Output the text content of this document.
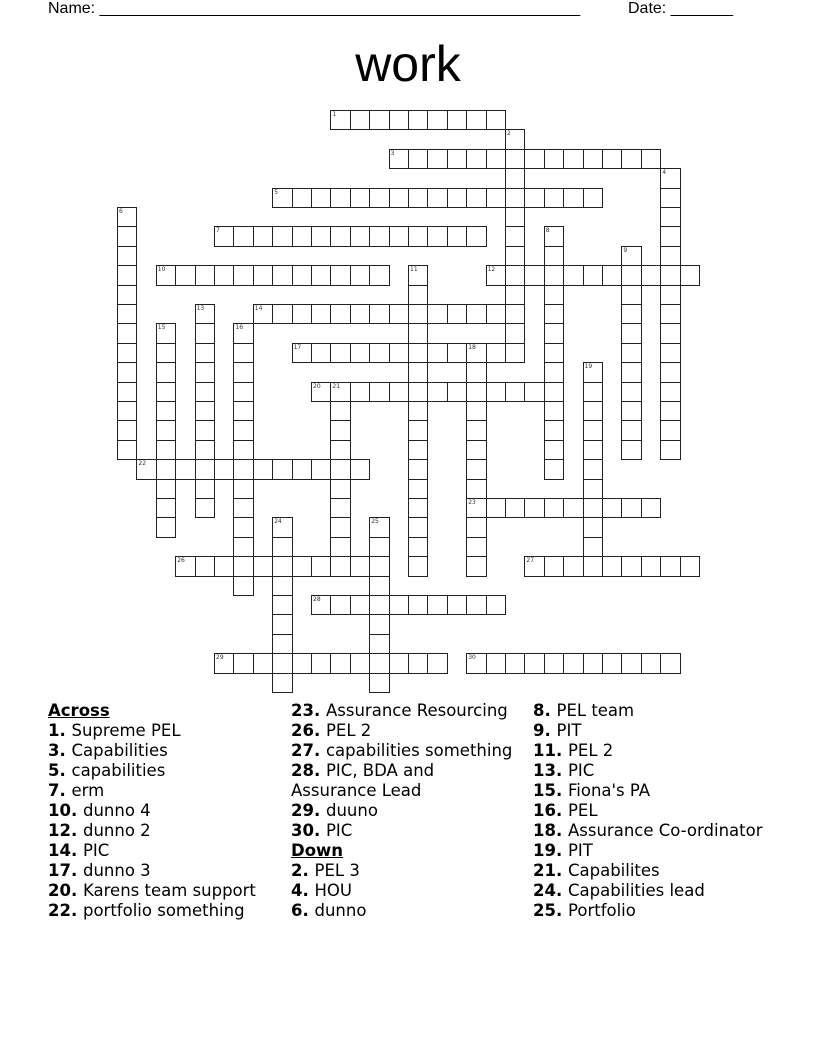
Name: ______________________________________________________	Date: _______
work
1
2
3
4
5
6
7	8
9
10	11	12
13	14
15	16
17	18
23
19
20 21
22
24	25
26	27
28
29	30
Across
1. Supreme PEL
3. Capabilities
5. capabilities
7. erm
10. dunno 4
12. dunno 2
14. PIC
17. dunno 3
20. Karens team support
22. portfolio something
23. Assurance Resourcing
26. PEL 2
27. capabilities something
28. PIC, BDA and Assurance Lead
29. duuno
30. PIC
Down
2. PEL 3
4. HOU
6. dunno
8. PEL team
9. PIT
11. PEL 2
13. PIC
15. Fiona's PA
16. PEL
18. Assurance Co-ordinator
19. PIT
21. Capabilites
24. Capabilities lead
25. Portfolio
